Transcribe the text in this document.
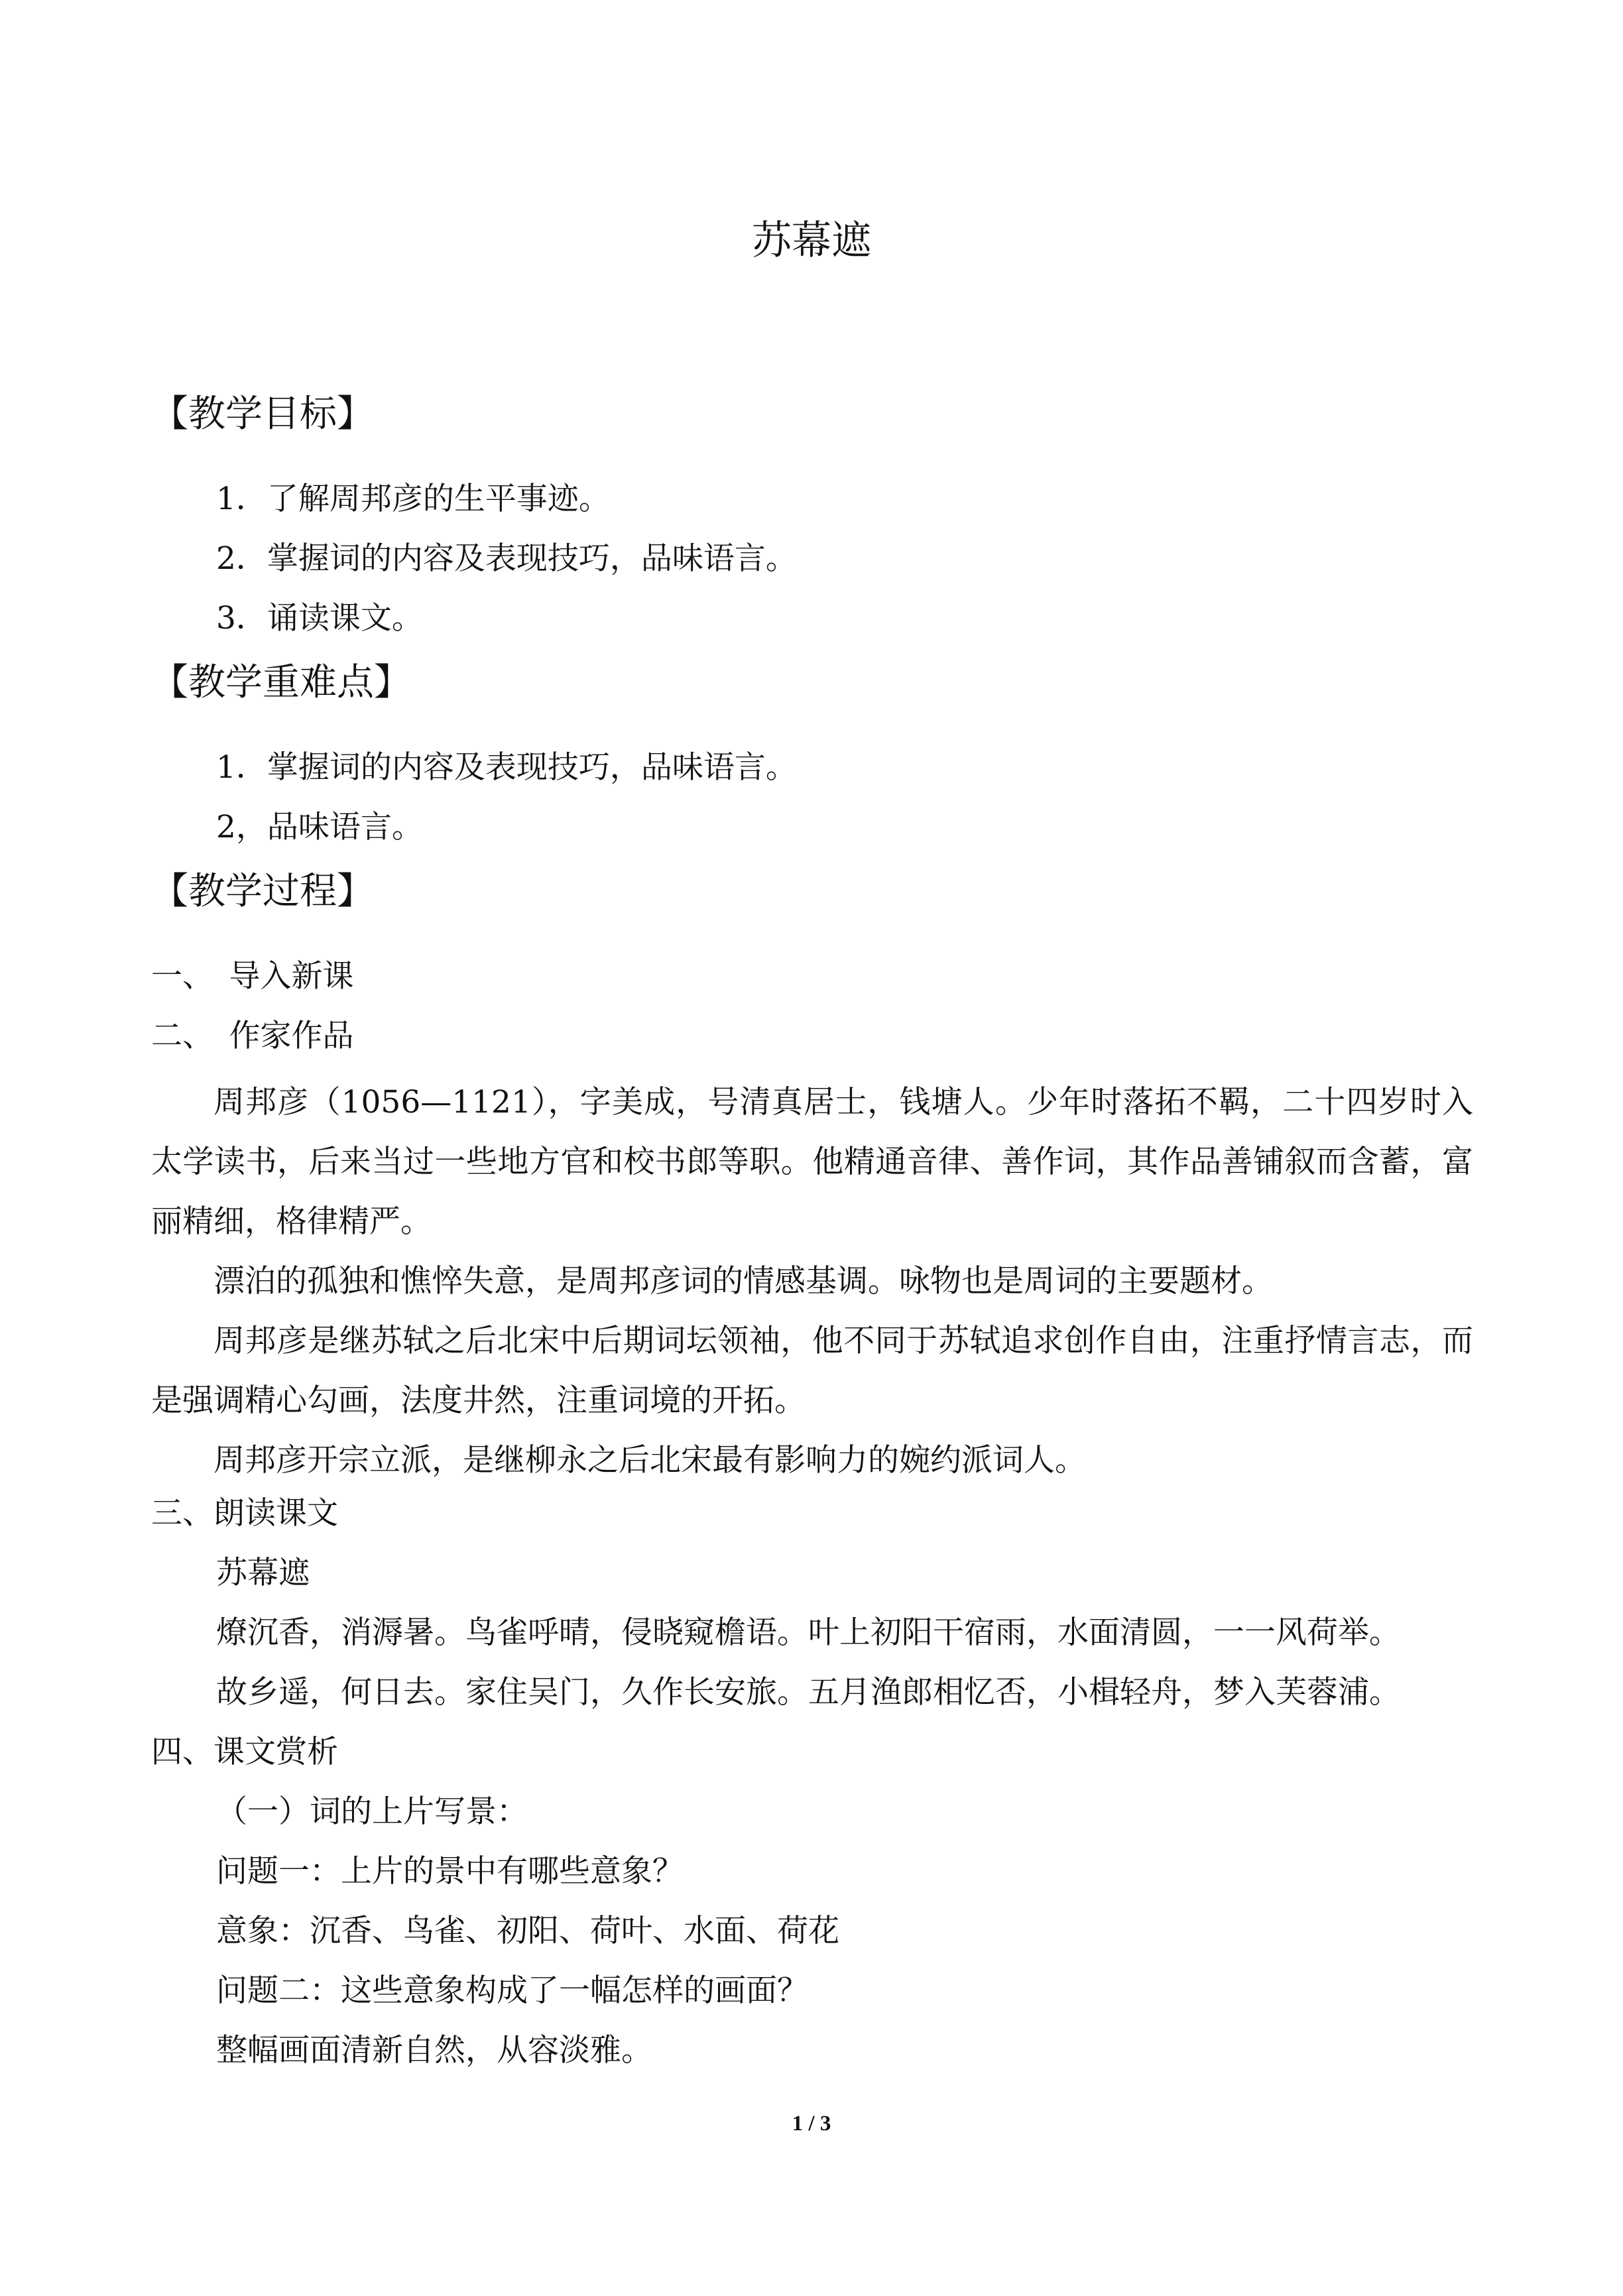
苏幕遮
【教学目标】
1．了解周邦彦的生平事迹。
2．掌握词的内容及表现技巧，品味语言。
3．诵读课文。
【教学重难点】
1．掌握词的内容及表现技巧，品味语言。
2，品味语言。
【教学过程】
一、　导入新课
二、　作家作品
周邦彦（1056—1121），字美成，号清真居士，钱塘人。少年时落拓不羁，二十四岁时入太学读书，后来当过一些地方官和校书郎等职。他精通音律、善作词，其作品善铺叙而含蓄，富丽精细，格律精严。
漂泊的孤独和憔悴失意，是周邦彦词的情感基调。咏物也是周词的主要题材。
周邦彦是继苏轼之后北宋中后期词坛领袖，他不同于苏轼追求创作自由，注重抒情言志，而是强调精心勾画，法度井然，注重词境的开拓。
周邦彦开宗立派，是继柳永之后北宋最有影响力的婉约派词人。
三、朗读课文
苏幕遮
燎沉香，消溽暑。鸟雀呼晴，侵晓窥檐语。叶上初阳干宿雨，水面清圆，一一风荷举。
故乡遥，何日去。家住吴门，久作长安旅。五月渔郎相忆否，小楫轻舟，梦入芙蓉浦。
四、课文赏析
（一）词的上片写景：
问题一：上片的景中有哪些意象？
意象：沉香、鸟雀、初阳、荷叶、水面、荷花
问题二：这些意象构成了一幅怎样的画面？
整幅画面清新自然，从容淡雅。
1 / 3
